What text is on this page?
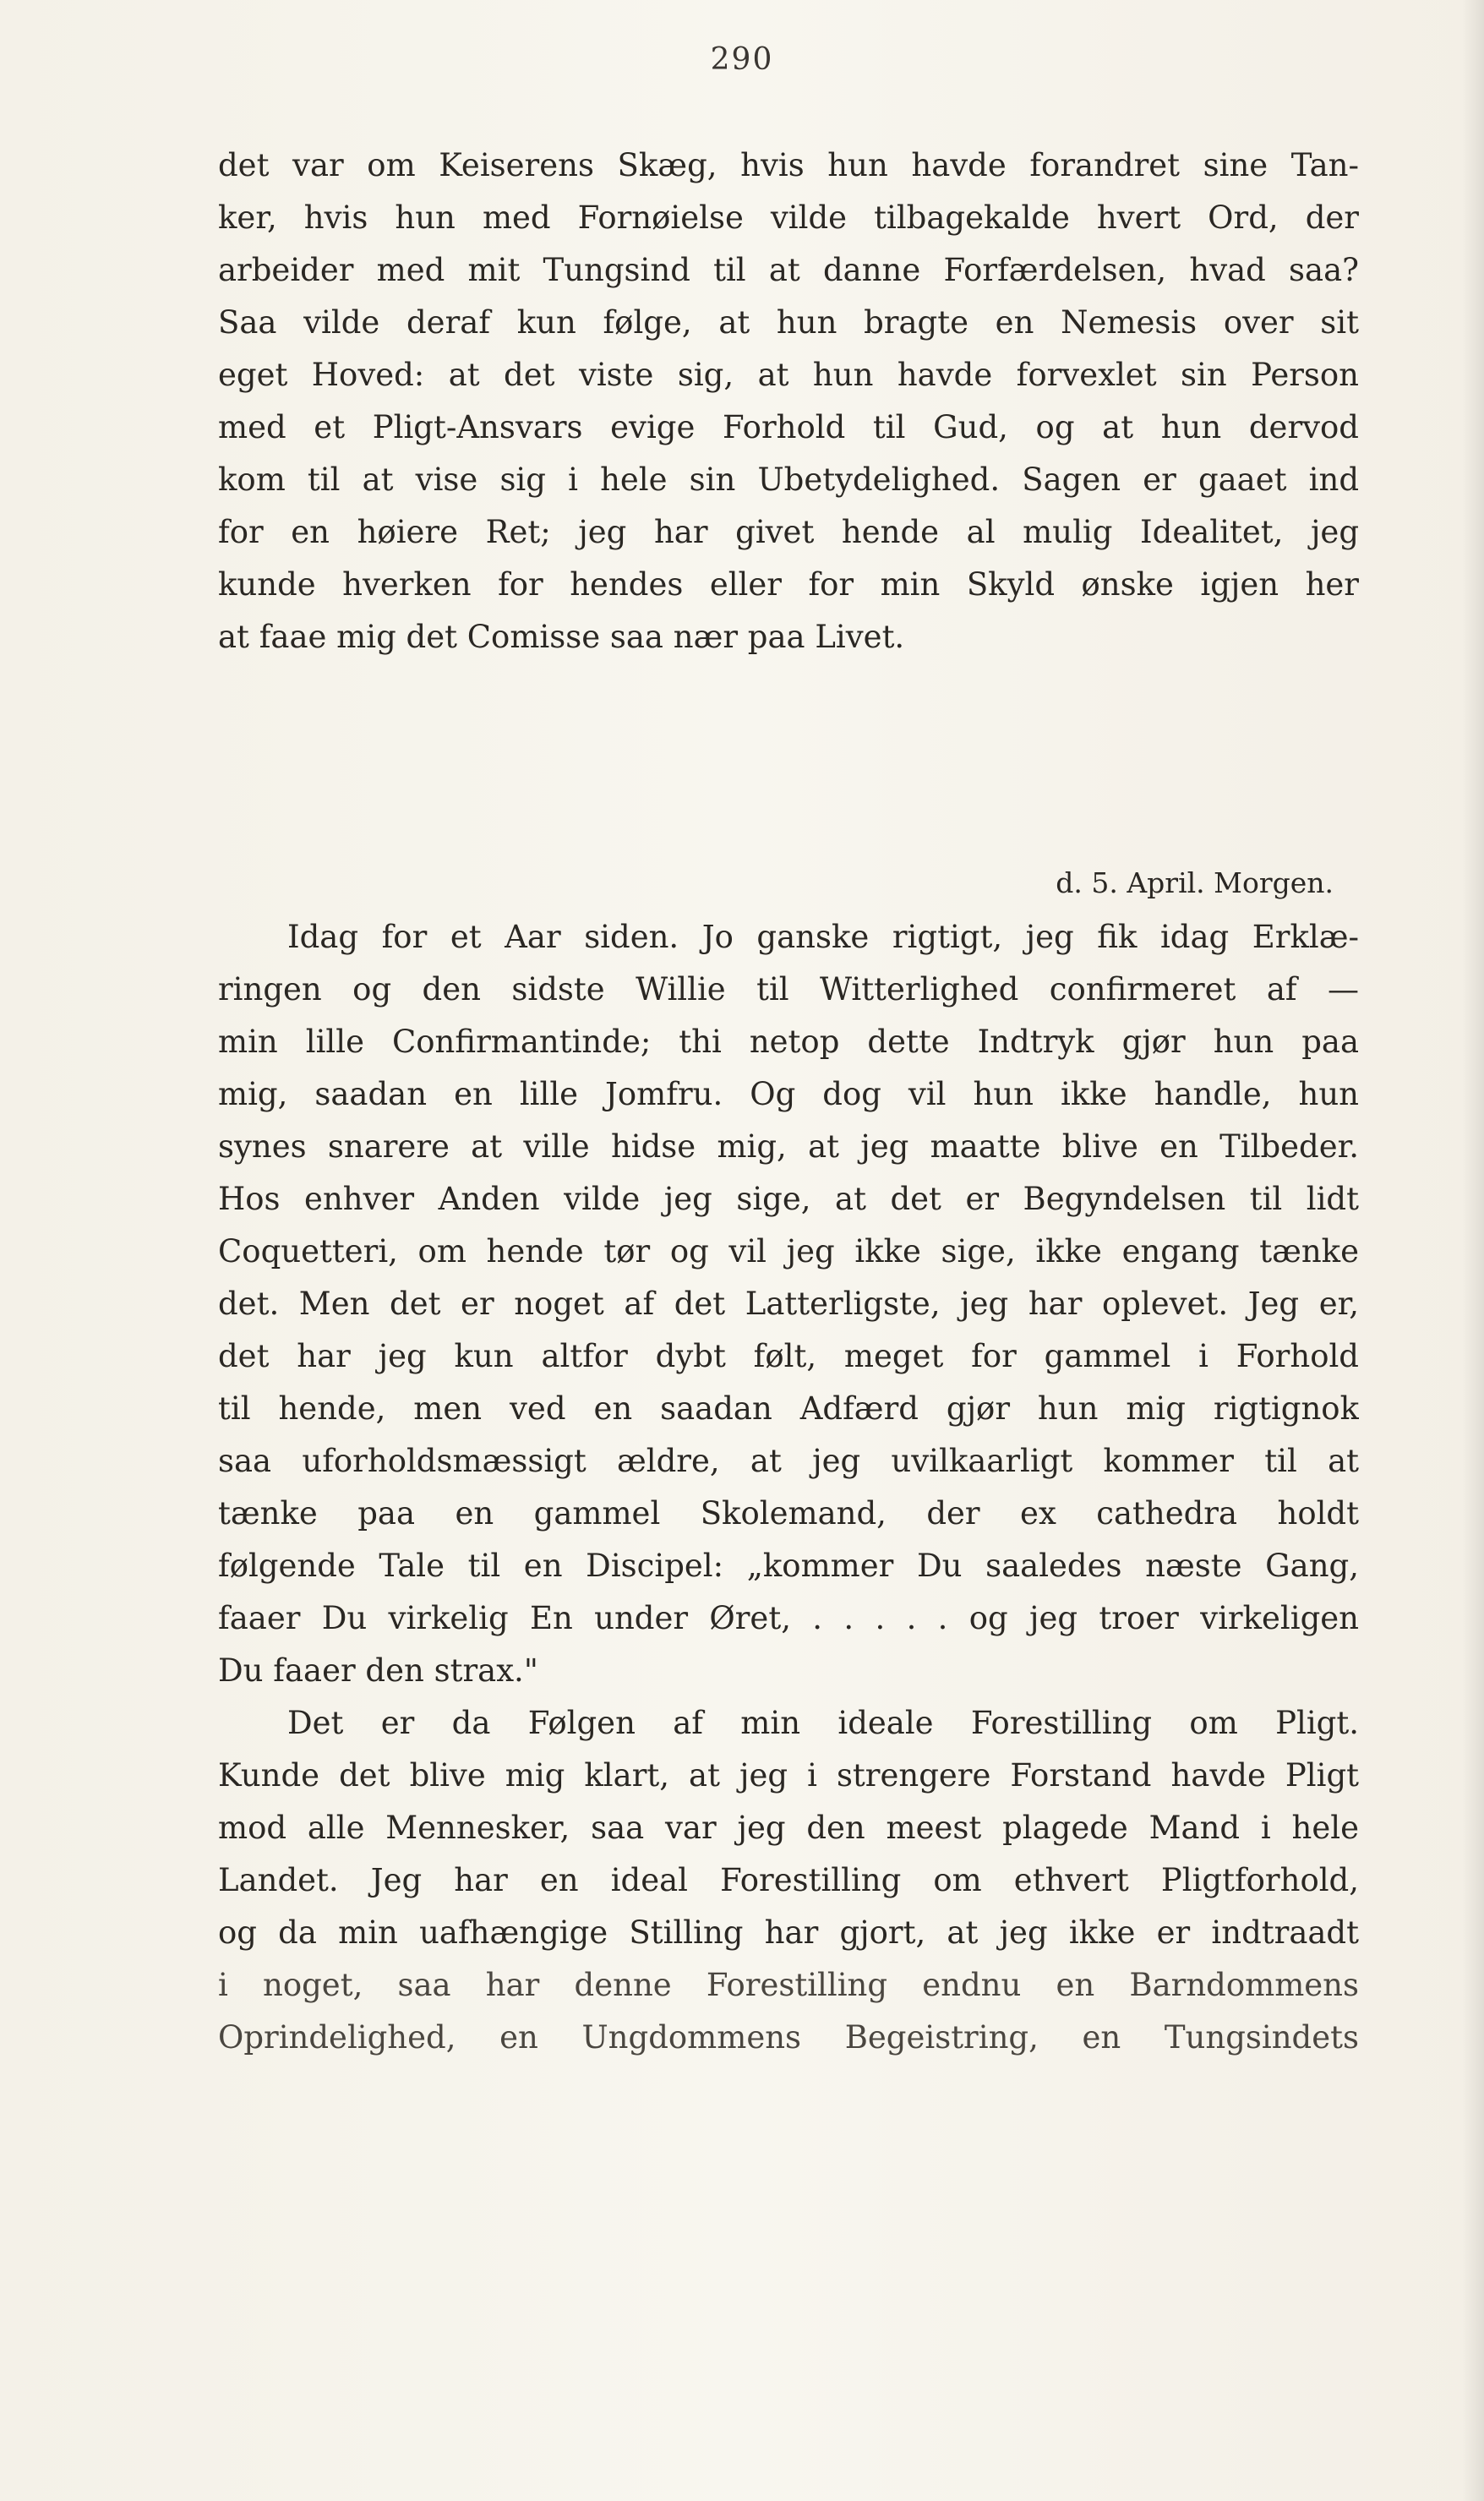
290
det var om Keiserens Skæg, hvis hun havde forandret sine Tan-
ker, hvis hun med Fornøielse vilde tilbagekalde hvert Ord, der
arbeider med mit Tungsind til at danne Forfærdelsen, hvad saa?
Saa vilde deraf kun følge, at hun bragte en Nemesis over sit
eget Hoved: at det viste sig, at hun havde forvexlet sin Person
med et Pligt-Ansvars evige Forhold til Gud, og at hun dervod
kom til at vise sig i hele sin Ubetydelighed. Sagen er gaaet ind
for en høiere Ret; jeg har givet hende al mulig Idealitet, jeg
kunde hverken for hendes eller for min Skyld ønske igjen her
at faae mig det Comisse saa nær paa Livet.
d. 5. April. Morgen.
Idag for et Aar siden. Jo ganske rigtigt, jeg fik idag Erklæ-
ringen og den sidste Willie til Witterlighed confirmeret af —
min lille Confirmantinde; thi netop dette Indtryk gjør hun paa
mig, saadan en lille Jomfru. Og dog vil hun ikke handle, hun
synes snarere at ville hidse mig, at jeg maatte blive en Tilbeder.
Hos enhver Anden vilde jeg sige, at det er Begyndelsen til lidt
Coquetteri, om hende tør og vil jeg ikke sige, ikke engang tænke
det. Men det er noget af det Latterligste, jeg har oplevet. Jeg er,
det har jeg kun altfor dybt følt, meget for gammel i Forhold
til hende, men ved en saadan Adfærd gjør hun mig rigtignok
saa uforholdsmæssigt ældre, at jeg uvilkaarligt kommer til at
tænke paa en gammel Skolemand, der ex cathedra holdt
følgende Tale til en Discipel: „kommer Du saaledes næste Gang,
faaer Du virkelig En under Øret, . . . . . og jeg troer virkeligen
Du faaer den strax."
Det er da Følgen af min ideale Forestilling om Pligt.
Kunde det blive mig klart, at jeg i strengere Forstand havde Pligt
mod alle Mennesker, saa var jeg den meest plagede Mand i hele
Landet. Jeg har en ideal Forestilling om ethvert Pligtforhold,
og da min uafhængige Stilling har gjort, at jeg ikke er indtraadt
i noget, saa har denne Forestilling endnu en Barndommens
Oprindelighed, en Ungdommens Begeistring, en Tungsindets
